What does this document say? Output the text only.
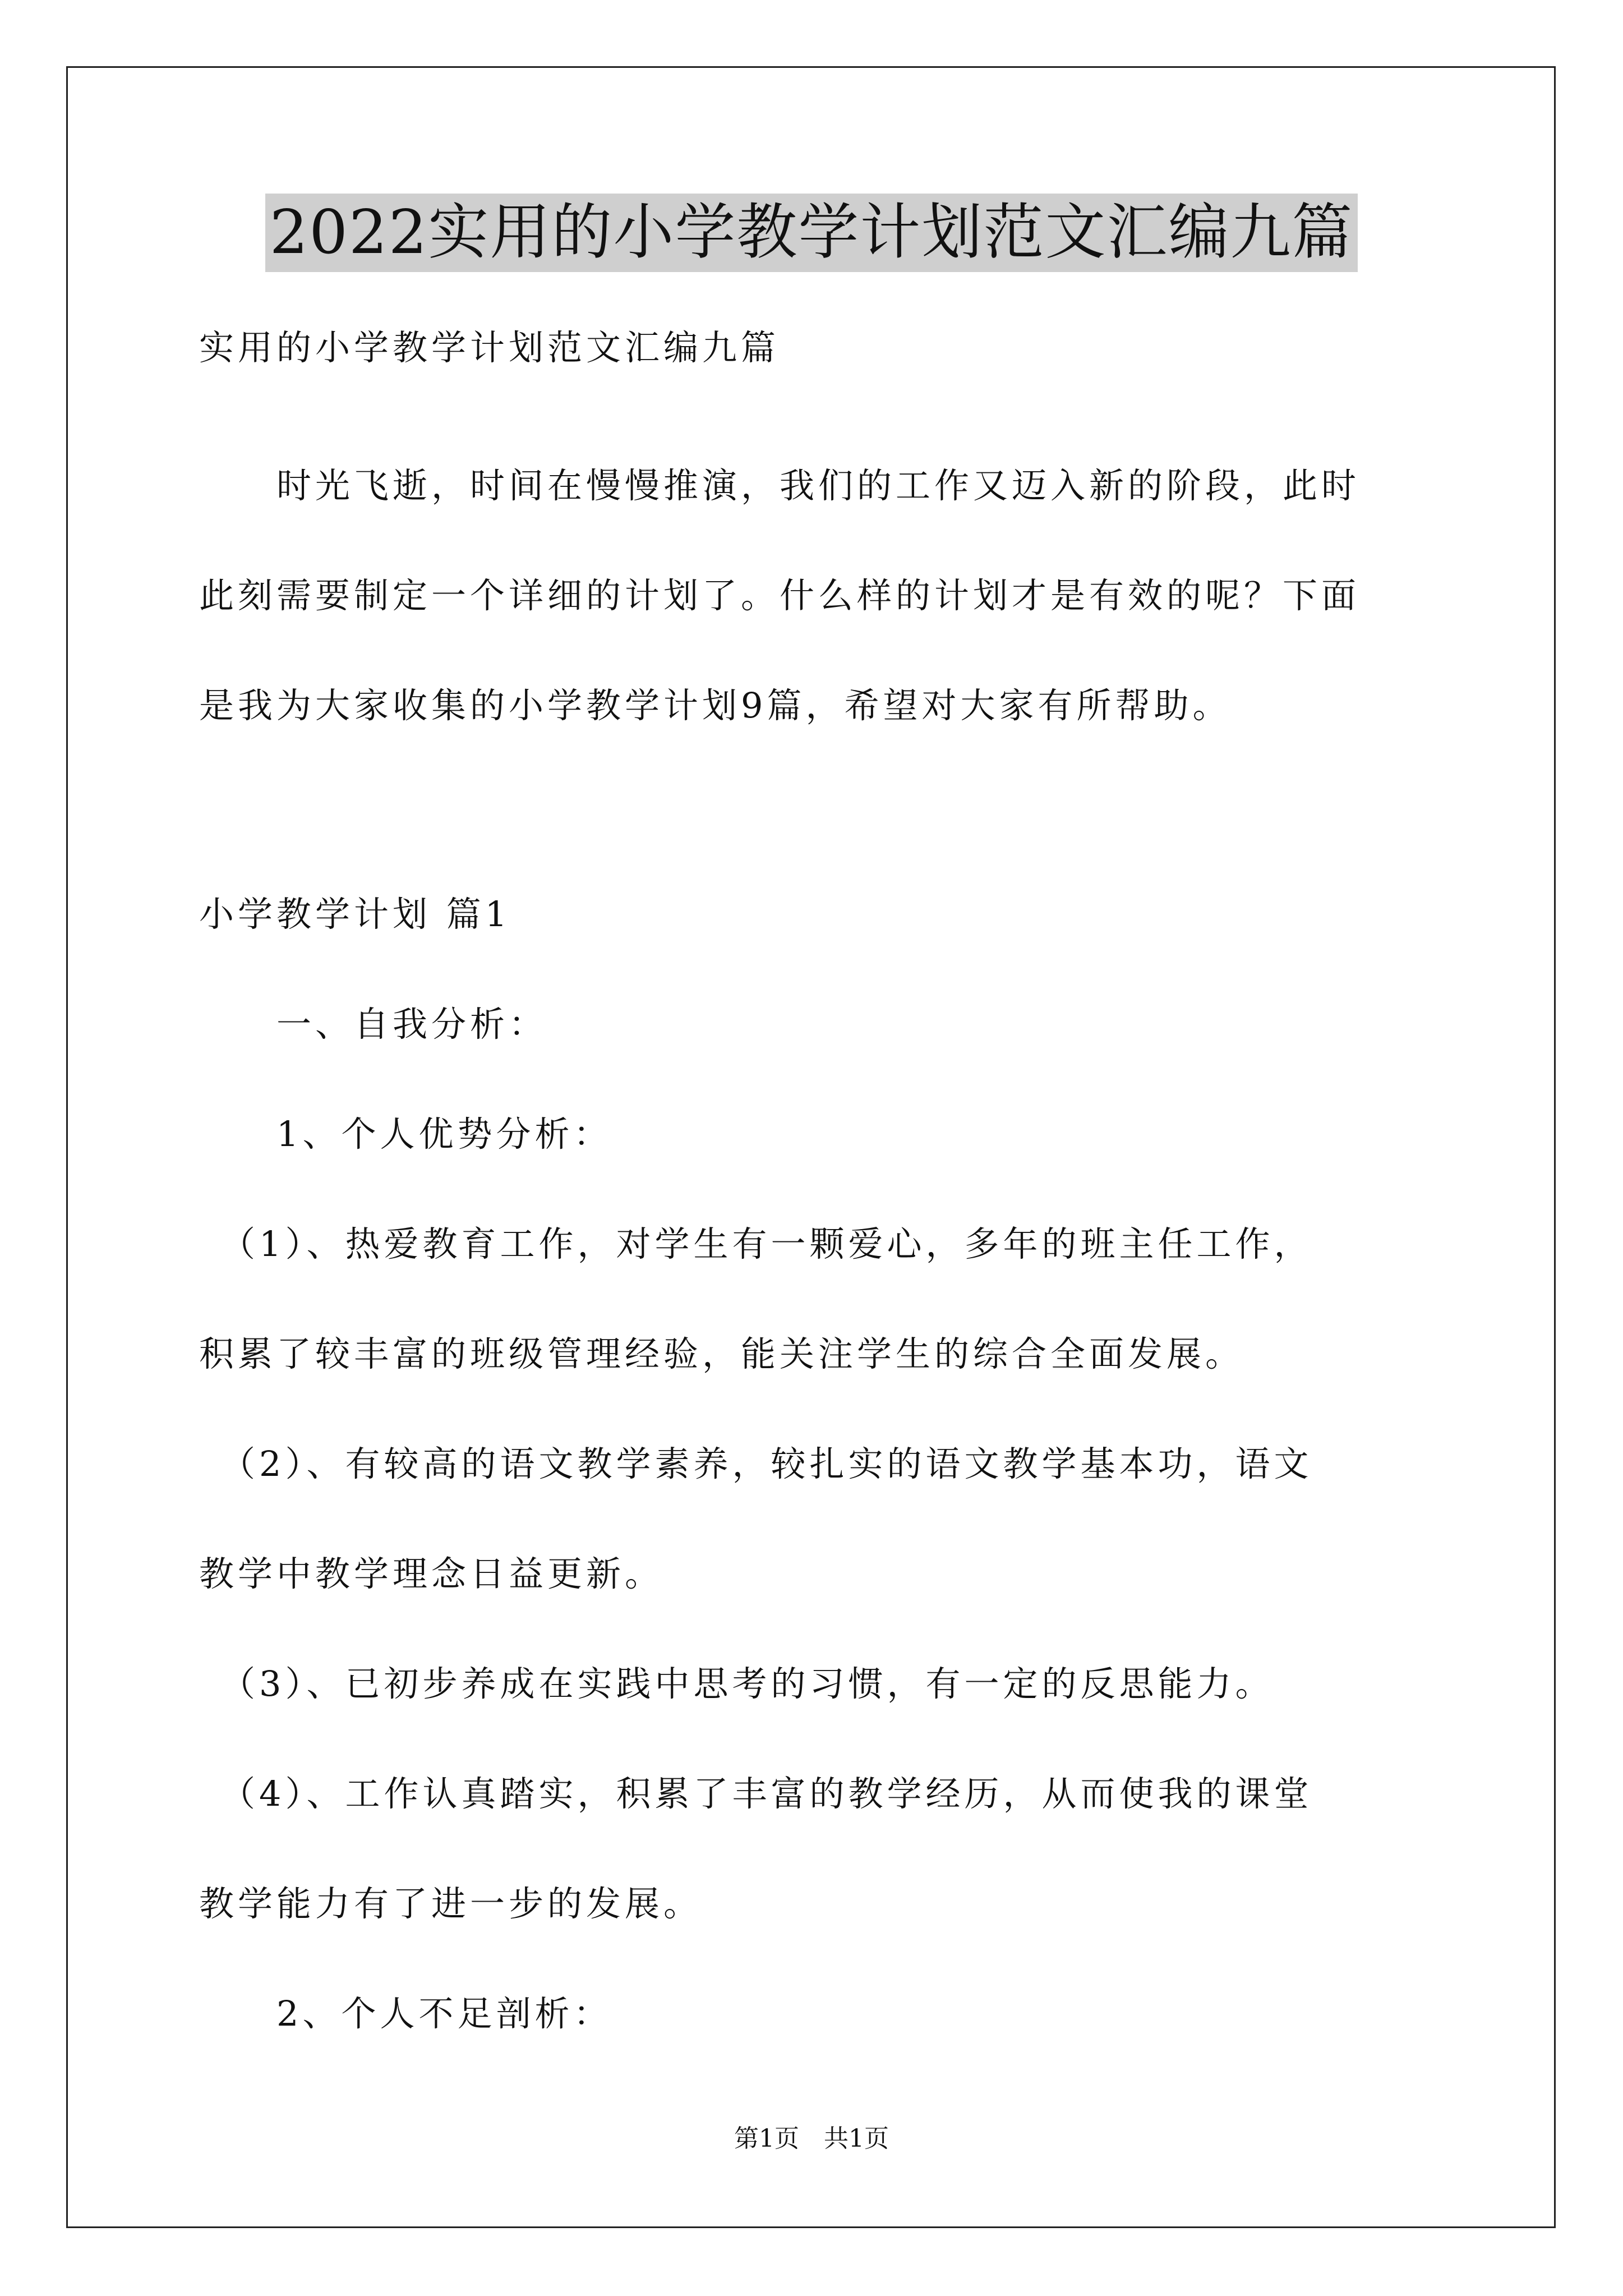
2022实用的小学教学计划范文汇编九篇
实用的小学教学计划范文汇编九篇
　　时光飞逝，时间在慢慢推演，我们的工作又迈入新的阶段，此时
此刻需要制定一个详细的计划了。什么样的计划才是有效的呢？下面
是我为大家收集的小学教学计划9篇，希望对大家有所帮助。
小学教学计划 篇1
　　一、自我分析：
　　1、个人优势分析：
　（1）、热爱教育工作，对学生有一颗爱心，多年的班主任工作，
积累了较丰富的班级管理经验，能关注学生的综合全面发展。
　（2）、有较高的语文教学素养，较扎实的语文教学基本功，语文
教学中教学理念日益更新。
　（3）、已初步养成在实践中思考的习惯，有一定的反思能力。
　（4）、工作认真踏实，积累了丰富的教学经历，从而使我的课堂
教学能力有了进一步的发展。
　　2、个人不足剖析：
第1页　共1页
